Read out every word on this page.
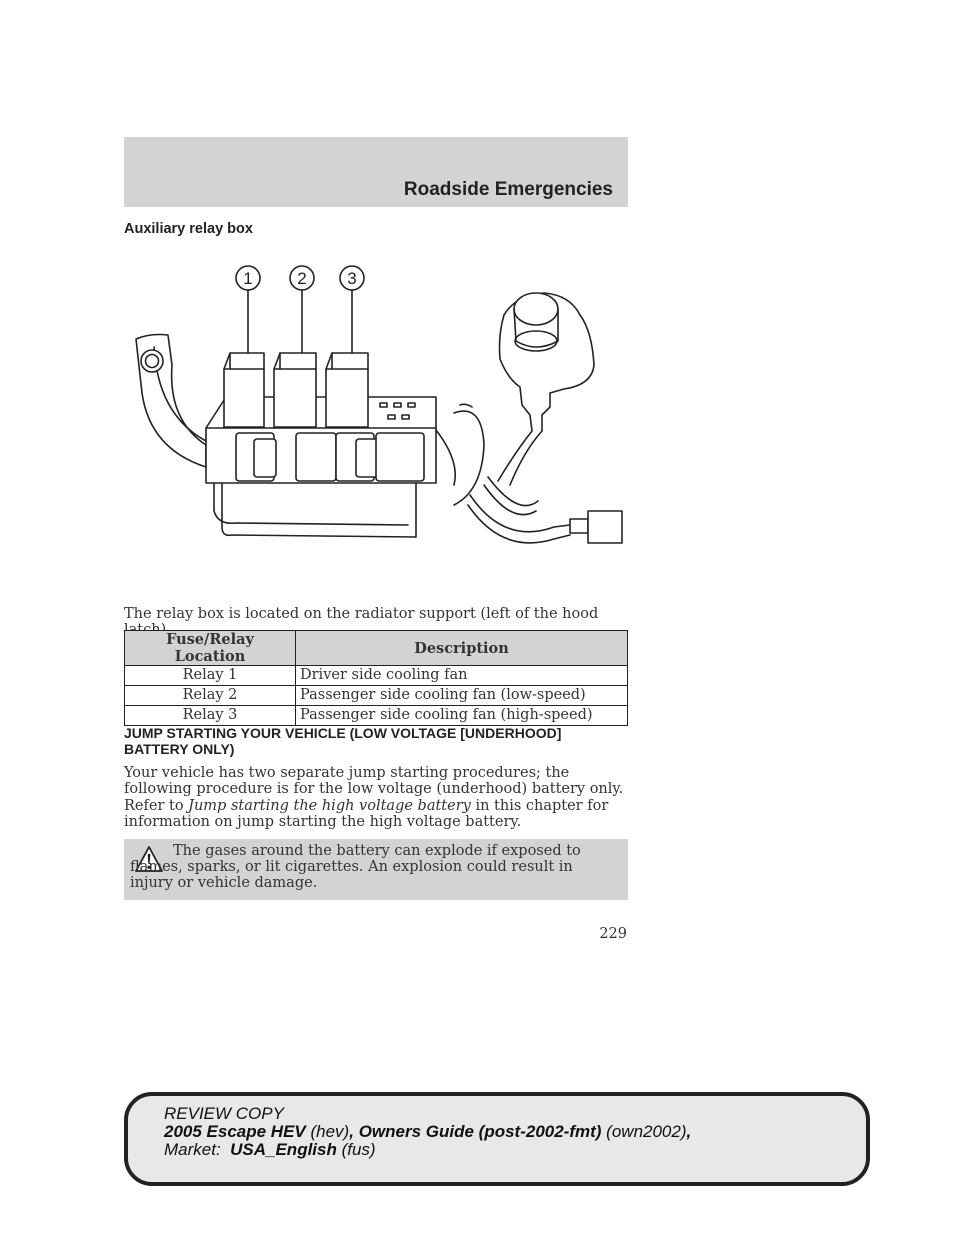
Roadside Emergencies
Auxiliary relay box
1	2 3
The relay box is located on the radiator support (left of the hood
Fuse/Relay Location	Description
Relay 1	Driver side cooling fan
Relay 2	Passenger side cooling fan (low-speed)
Relay 3	Passenger side cooling fan (high-speed)
JUMP STARTING YOUR VEHICLE (LOW VOLTAGE [UNDERHOOD]
BATTERY ONLY)
Your vehicle has two separate jump starting procedures; the following procedure is for the low voltage (underhood) battery only. Refer to Jump starting the high voltage battery in this chapter for information on jump starting the high voltage battery.
The gases around the battery can explode if exposed to flames, sparks, or lit cigarettes. An explosion could result in injury or vehicle damage.
229
REVIEW COPY
2005 Escape HEV (hev), Owners Guide (post-2002-fmt) (own2002),
Market:  USA_English (fus)
